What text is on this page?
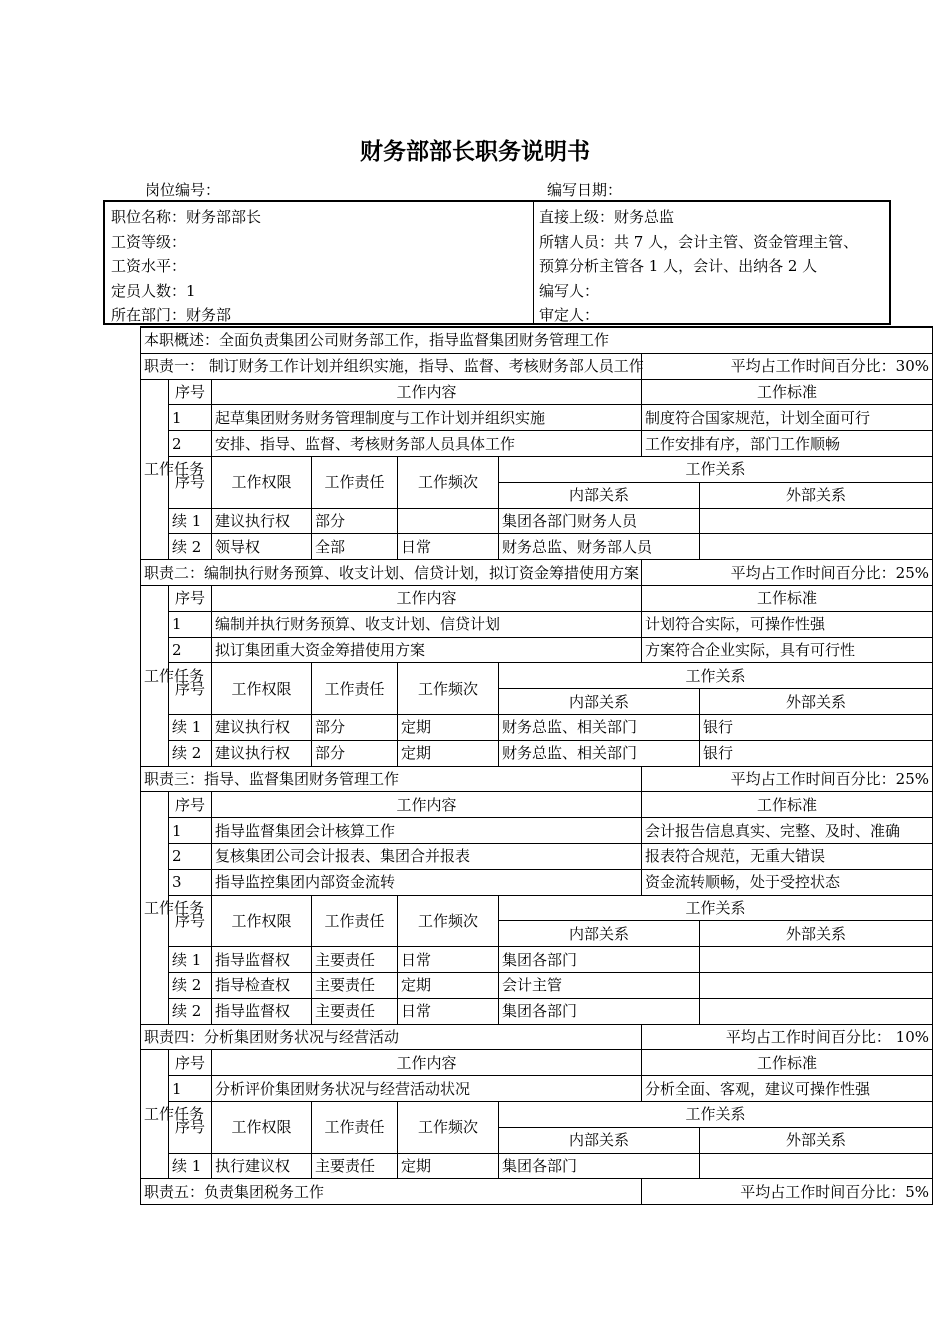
财务部部长职务说明书
岗位编号：	编写日期：
职位名称：财务部部长
工资等级：
工资水平：
定员人数：1
所在部门：财务部
直接上级：财务总监
所辖人员：共 7 人，会计主管、资金管理主管、
预算分析主管各 1 人，会计、出纳各 2 人
编写人：
审定人：
本职概述：全面负责集团公司财务部工作，指导监督集团财务管理工作							
职责一： 制订财务工作计划并组织实施，指导、监督、考核财务部人员工作						平均占工作时间百分比：30%	
工作任务	序号	工作内容				工作标准	
	1	起草集团财务财务管理制度与工作计划并组织实施				制度符合国家规范，计划全面可行	
	2	安排、指导、监督、考核财务部人员具体工作				工作安排有序，部门工作顺畅	
	序号	工作权限	工作责任	工作频次	工作关系		
					内部关系		外部关系
	续 1	建议执行权	部分		集团各部门财务人员		
	续 2	领导权	全部	日常	财务总监、财务部人员		
职责二：编制执行财务预算、收支计划、信贷计划，拟订资金筹措使用方案						平均占工作时间百分比：25%	
工作任务	序号	工作内容				工作标准	
	1	编制并执行财务预算、收支计划、信贷计划				计划符合实际，可操作性强	
	2	拟订集团重大资金筹措使用方案				方案符合企业实际，具有可行性	
	序号	工作权限	工作责任	工作频次	工作关系		
					内部关系		外部关系
	续 1	建议执行权	部分	定期	财务总监、相关部门		银行
	续 2	建议执行权	部分	定期	财务总监、相关部门		银行
职责三：指导、监督集团财务管理工作						平均占工作时间百分比：25%	
工作任务	序号	工作内容				工作标准	
	1	指导监督集团会计核算工作				会计报告信息真实、完整、及时、准确	
	2	复核集团公司会计报表、集团合并报表				报表符合规范，无重大错误	
	3	指导监控集团内部资金流转				资金流转顺畅，处于受控状态	
	序号	工作权限	工作责任	工作频次	工作关系		
					内部关系		外部关系
	续 1	指导监督权	主要责任	日常	集团各部门		
	续 2	指导检查权	主要责任	定期	会计主管		
	续 2	指导监督权	主要责任	日常	集团各部门		
职责四：分析集团财务状况与经营活动						平均占工作时间百分比： 10%	
工作任务	序号	工作内容				工作标准	
	1	分析评价集团财务状况与经营活动状况				分析全面、客观，建议可操作性强	
	序号	工作权限	工作责任	工作频次	工作关系		
					内部关系		外部关系
	续 1	执行建议权	主要责任	定期	集团各部门		
职责五：负责集团税务工作						平均占工作时间百分比：5%	
